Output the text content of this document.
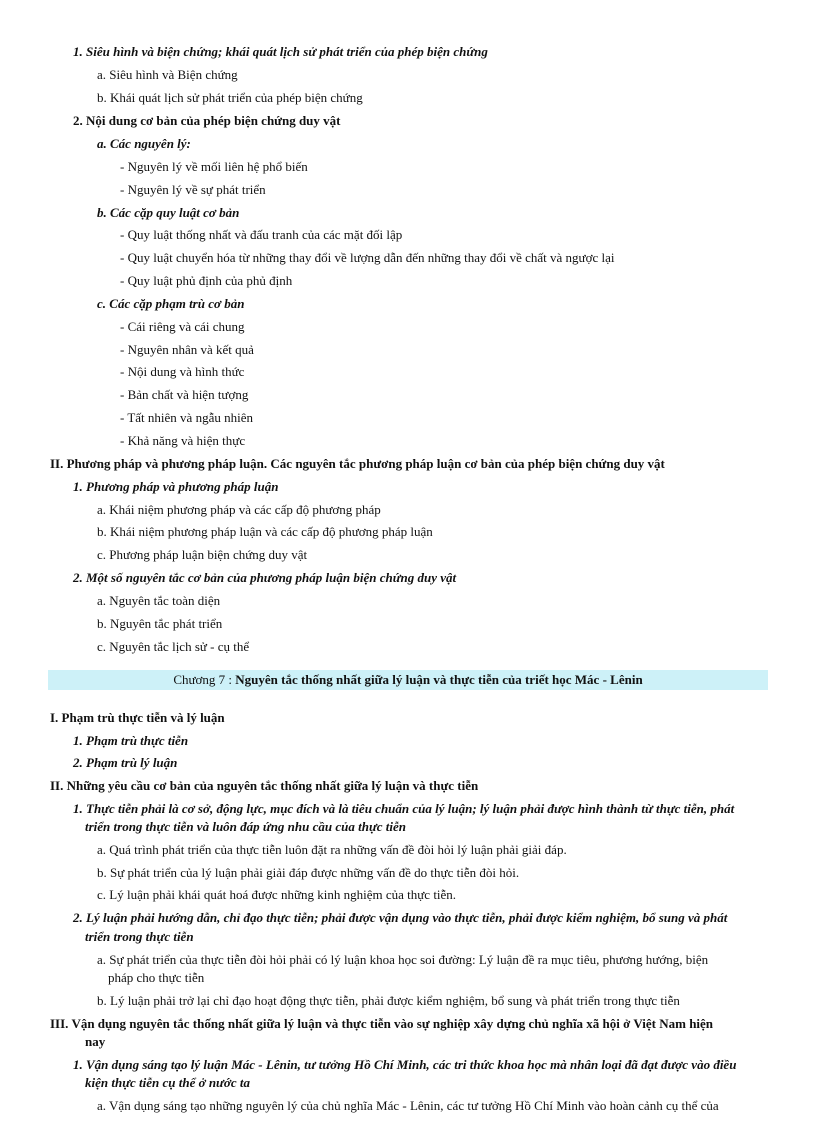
1. Siêu hình và biện chứng; khái quát lịch sử phát triển của phép biện chứng
a. Siêu hình và Biện chứng
b. Khái quát lịch sử phát triển của phép biện chứng
2. Nội dung cơ bản của phép biện chứng duy vật
a. Các nguyên lý:
- Nguyên lý về mối liên hệ phổ biến
- Nguyên lý về sự phát triển
b. Các cặp quy luật cơ bản
- Quy luật thống nhất và đấu tranh của các mặt đối lập
- Quy luật chuyển hóa từ những thay đổi về lượng dẫn đến những thay đổi về chất và ngược lại
- Quy luật phủ định của phủ định
c. Các cặp phạm trù cơ bản
- Cái riêng và cái chung
- Nguyên nhân và kết quả
- Nội dung và hình thức
- Bản chất và hiện tượng
- Tất nhiên và ngẫu nhiên
- Khả năng và hiện thực
II. Phương pháp và phương pháp luận. Các nguyên tắc phương pháp luận cơ bản của phép biện chứng duy vật
1. Phương pháp và phương pháp luận
a. Khái niệm phương pháp và các cấp độ phương pháp
b. Khái niệm phương pháp luận và các cấp độ phương pháp luận
c. Phương pháp luận biện chứng duy vật
2. Một số nguyên tắc cơ bản của phương pháp luận biện chứng duy vật
a. Nguyên tắc toàn diện
b. Nguyên tắc phát triển
c. Nguyên tắc lịch sử - cụ thể
Chương 7 : Nguyên tắc thống nhất giữa lý luận và thực tiễn của triết học Mác - Lênin
I. Phạm trù thực tiễn và lý luận
1. Phạm trù thực tiễn
2. Phạm trù lý luận
II. Những yêu cầu cơ bản của nguyên tắc thống nhất giữa lý luận và thực tiễn
1. Thực tiễn phải là cơ sở, động lực, mục đích và là tiêu chuẩn của lý luận; lý luận phải được hình thành từ thực tiễn, phát
triển trong thực tiễn và luôn đáp ứng nhu cầu của thực tiễn
a. Quá trình phát triển của thực tiễn luôn đặt ra những vấn đề đòi hỏi lý luận phải giải đáp.
b. Sự phát triển của lý luận phải giải đáp được những vấn đề do thực tiễn đòi hỏi.
c. Lý luận phải khái quát hoá được những kinh nghiệm của thực tiễn.
2. Lý luận phải hướng dẫn, chỉ đạo thực tiễn; phải được vận dụng vào thực tiễn, phải được kiểm nghiệm, bổ sung và phát
triển trong thực tiễn
a. Sự phát triển của thực tiễn đòi hỏi phải có lý luận khoa học soi đường: Lý luận đề ra mục tiêu, phương hướng, biện
pháp cho thực tiễn
b. Lý luận phải trở lại chỉ đạo hoạt động thực tiễn, phải được kiểm nghiệm, bổ sung và phát triển trong thực tiễn
III. Vận dụng nguyên tắc thống nhất giữa lý luận và thực tiễn vào sự nghiệp xây dựng chủ nghĩa xã hội ở Việt Nam hiện
nay
1. Vận dụng sáng tạo lý luận Mác - Lênin, tư tưởng Hồ Chí Minh, các tri thức khoa học mà nhân loại đã đạt được vào điều
kiện thực tiễn cụ thể ở nước ta
a. Vận dụng sáng tạo những nguyên lý của chủ nghĩa Mác - Lênin, các tư tưởng Hồ Chí Minh vào hoàn cảnh cụ thể của
